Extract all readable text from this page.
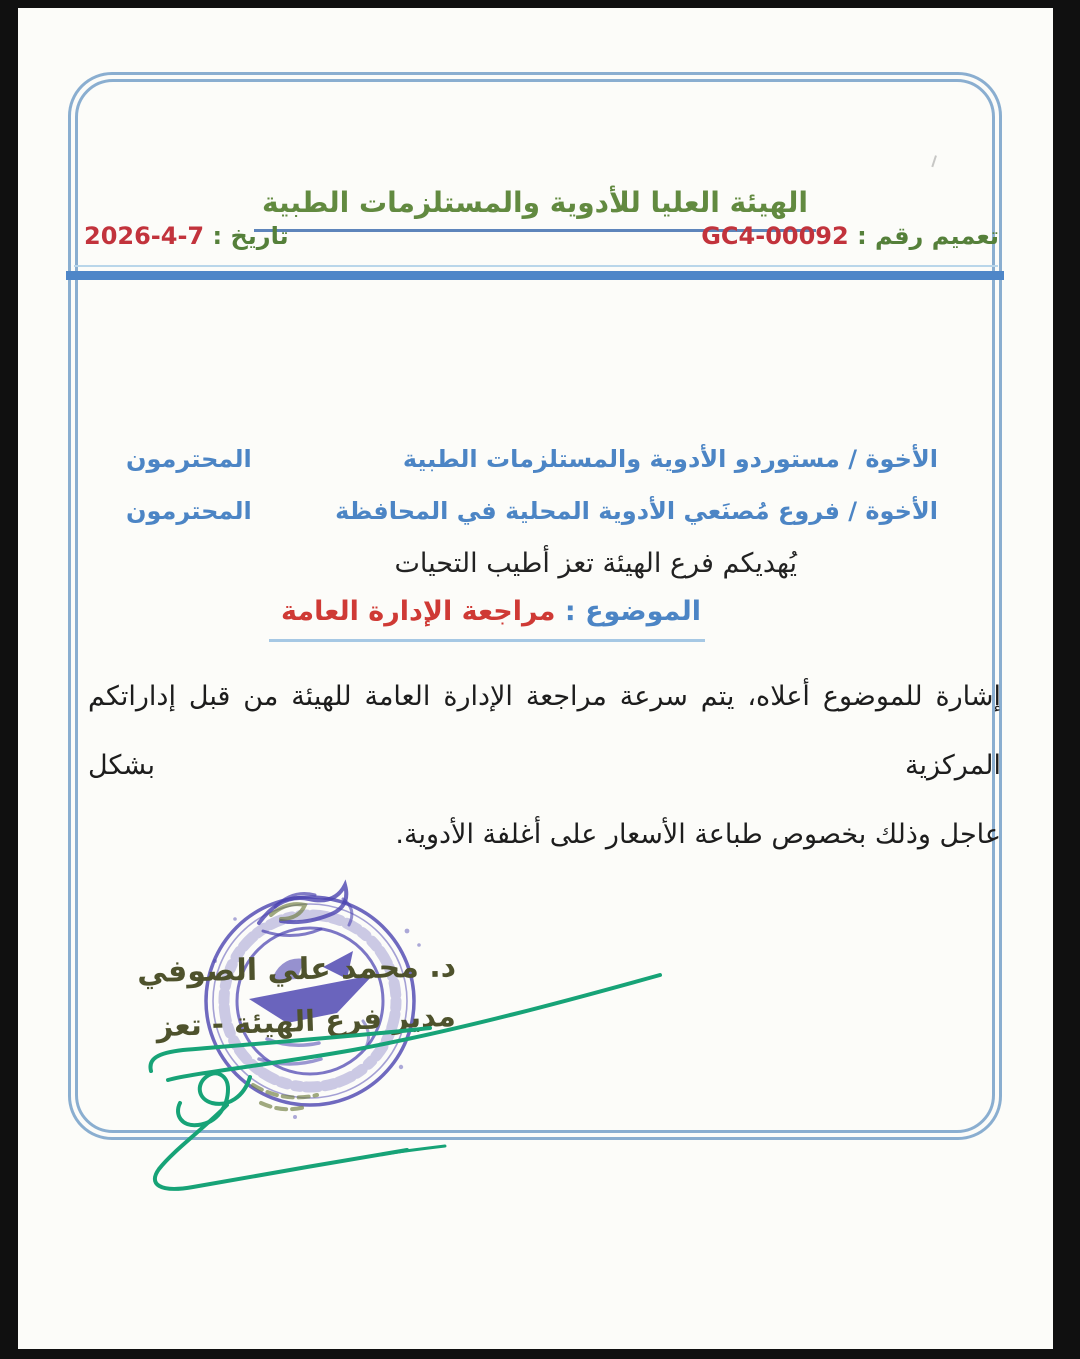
الهيئة العليا للأدوية والمستلزمات الطبية
تعميم رقم : GC4-00092
تاريخ : 2026-4-7
الأخوة / مستوردو الأدوية والمستلزمات الطبية
المحترمون
الأخوة / فروع مُصنَعي الأدوية المحلية في المحافظة
المحترمون
يُهديكم فرع الهيئة تعز أطيب التحيات
الموضوع : مراجعة الإدارة العامة
إشارة للموضوع أعلاه، يتم سرعة مراجعة الإدارة العامة للهيئة من قبل إداراتكم المركزية بشكل
عاجل وذلك بخصوص طباعة الأسعار على أغلفة الأدوية.
د. محمد علي الصوفي
مدير فرع الهيئة - تعز
